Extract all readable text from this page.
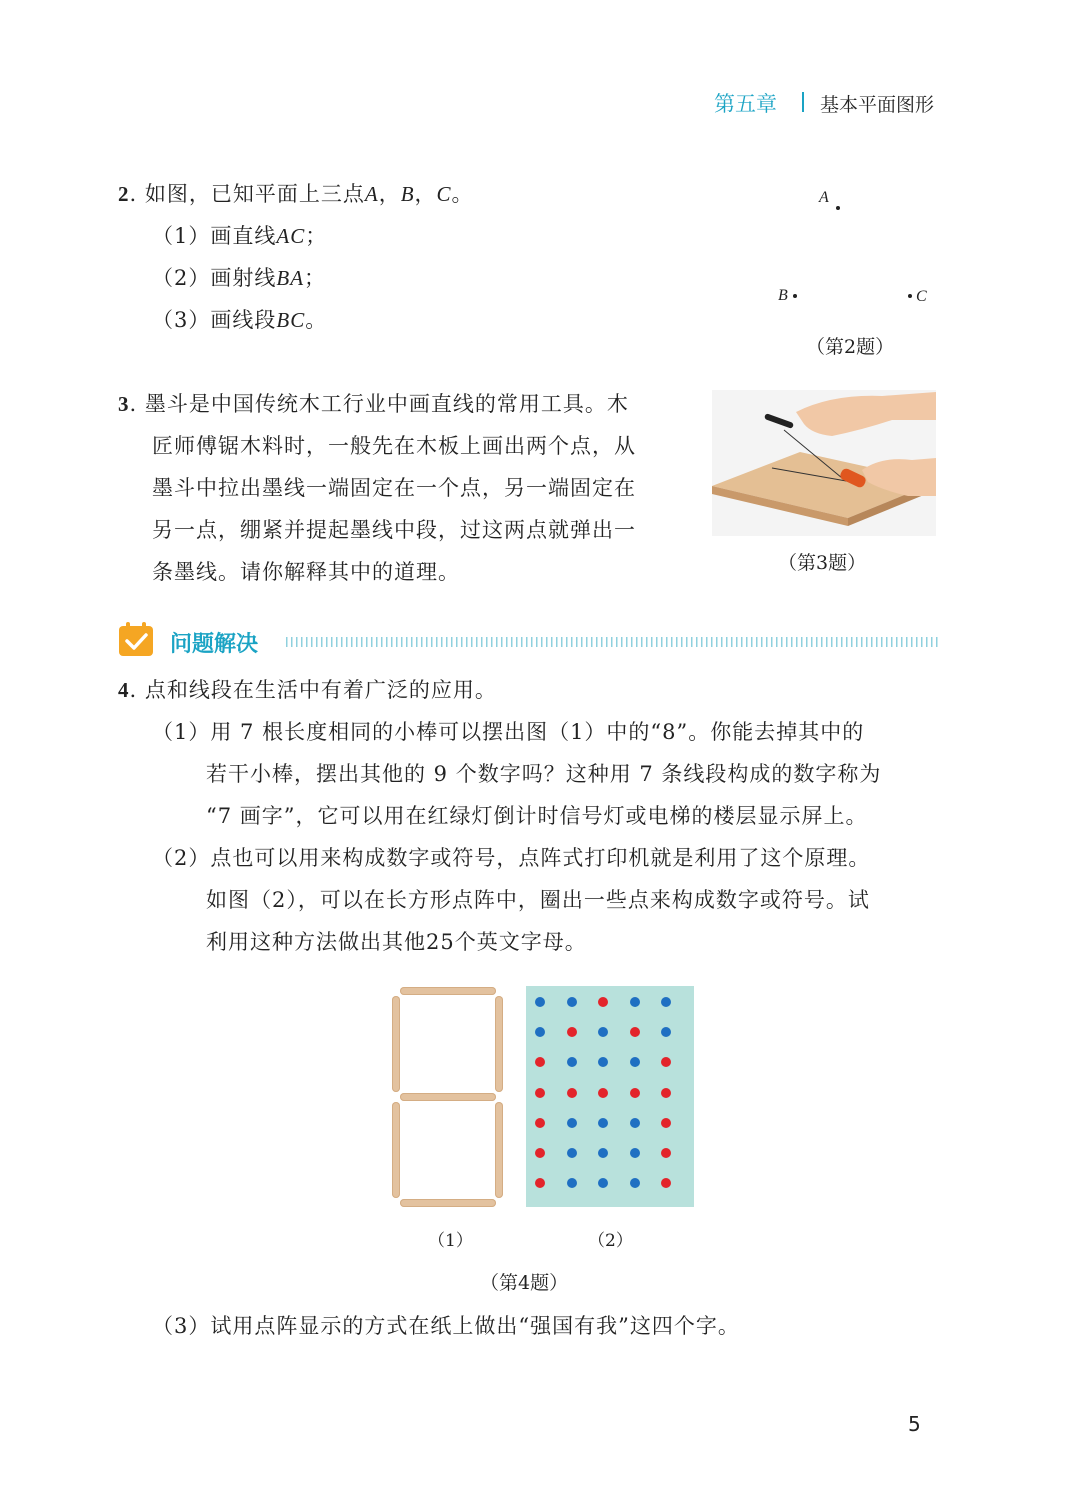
第五章 基本平面图形
2. 如图，已知平面上三点A，B，C。
（1）画直线AC；
（2）画射线BA；
（3）画线段BC。
A
B	C
（第2题）
3. 墨斗是中国传统木工行业中画直线的常用工具。木
匠师傅锯木料时，一般先在木板上画出两个点，从
墨斗中拉出墨线一端固定在一个点，另一端固定在
另一点，绷紧并提起墨线中段，过这两点就弹出一
条墨线。请你解释其中的道理。	（第3题）
问题解决
4. 点和线段在生活中有着广泛的应用。
（1）用 7 根长度相同的小棒可以摆出图（1）中的“8”。你能去掉其中的
若干小棒，摆出其他的 9 个数字吗？这种用 7 条线段构成的数字称为
“7 画字”，它可以用在红绿灯倒计时信号灯或电梯的楼层显示屏上。
（2）点也可以用来构成数字或符号，点阵式打印机就是利用了这个原理。
如图（2），可以在长方形点阵中，圈出一些点来构成数字或符号。试
利用这种方法做出其他25个英文字母。
（1）	（2）
（第4题）
（3）试用点阵显示的方式在纸上做出“强国有我”这四个字。
5
